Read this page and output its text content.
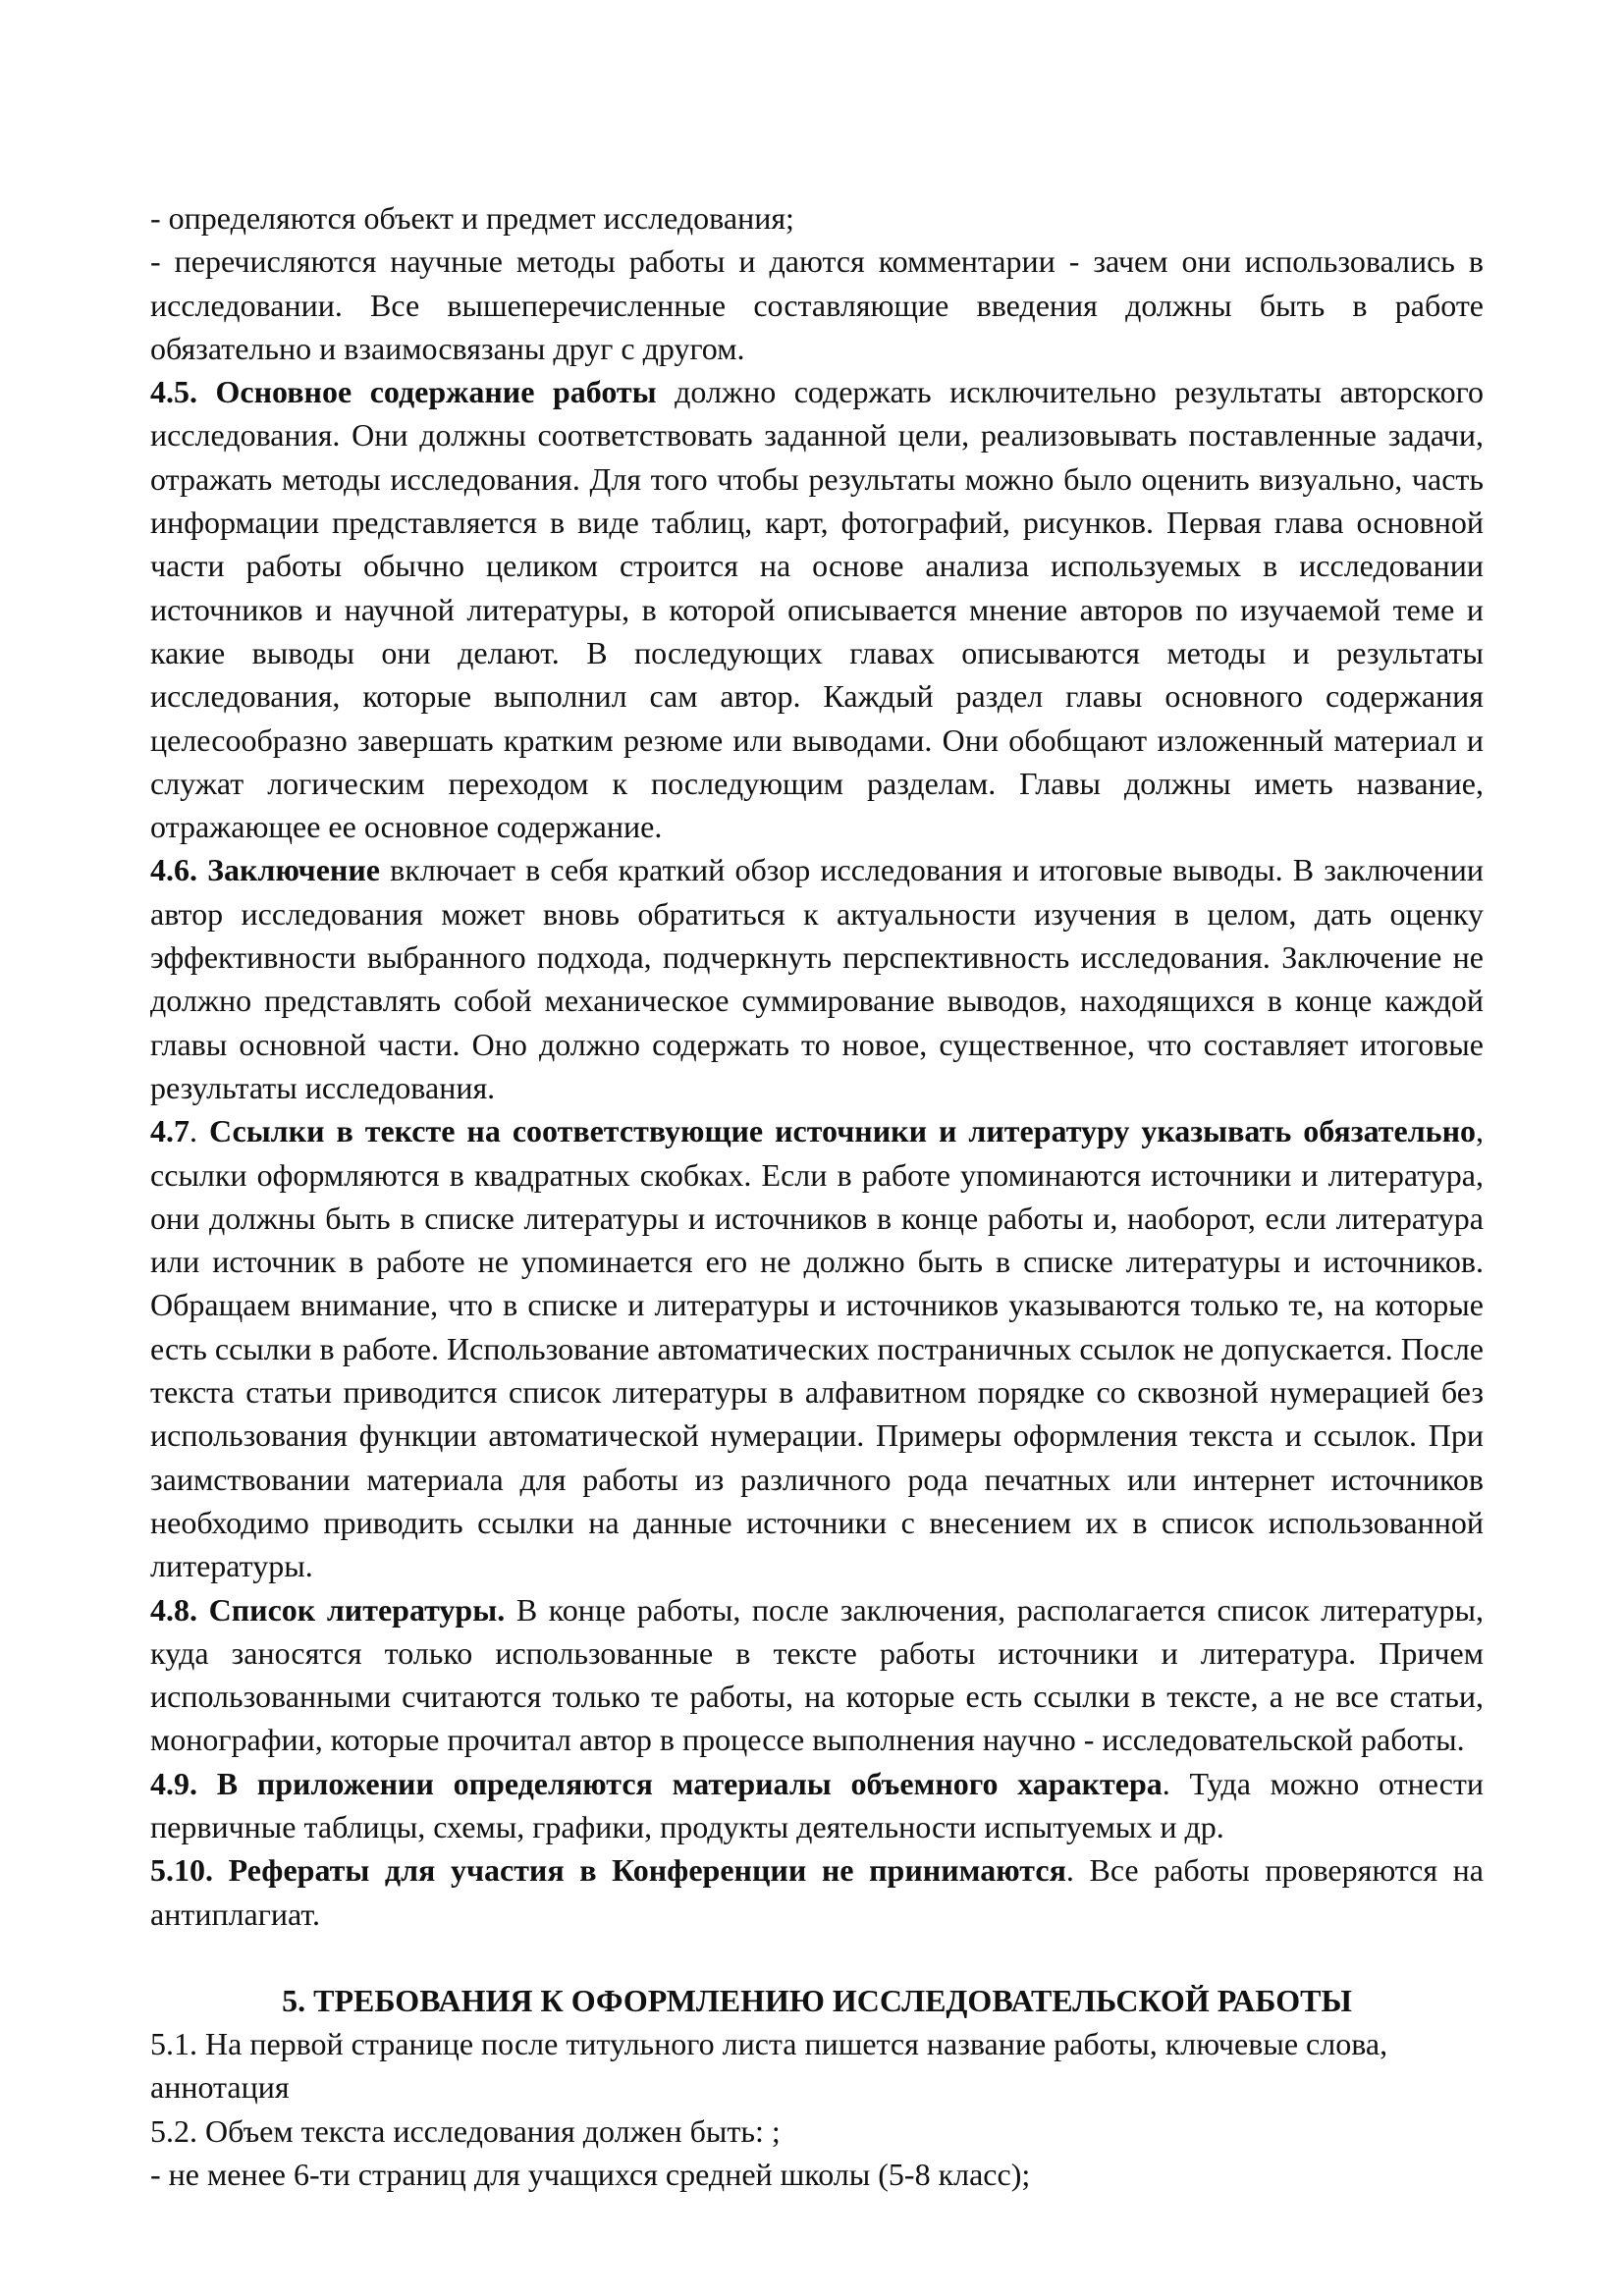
- определяются объект и предмет исследования;

- перечисляются научные методы работы и даются комментарии - зачем они использовались в исследовании. Все вышеперечисленные составляющие введения должны быть в работе обязательно и взаимосвязаны друг с другом.

4.5. Основное содержание работы должно содержать исключительно результаты авторского исследования. Они должны соответствовать заданной цели, реализовывать поставленные задачи, отражать методы исследования. Для того чтобы результаты можно было оценить визуально, часть информации представляется в виде таблиц, карт, фотографий, рисунков. Первая глава основной части работы обычно целиком строится на основе анализа используемых в исследовании источников и научной литературы, в которой описывается мнение авторов по изучаемой теме и какие выводы они делают. В последующих главах описываются методы и результаты исследования, которые выполнил сам автор. Каждый раздел главы основного содержания целесообразно завершать кратким резюме или выводами. Они обобщают изложенный материал и служат логическим переходом к последующим разделам. Главы должны иметь название, отражающее ее основное содержание.

4.6. Заключение включает в себя краткий обзор исследования и итоговые выводы. В заключении автор исследования может вновь обратиться к актуальности изучения в целом, дать оценку эффективности выбранного подхода, подчеркнуть перспективность исследования. Заключение не должно представлять собой механическое суммирование выводов, находящихся в конце каждой главы основной части. Оно должно содержать то новое, существенное, что составляет итоговые результаты исследования.

4.7. Ссылки в тексте на соответствующие источники и литературу указывать обязательно, ссылки оформляются в квадратных скобках. Если в работе упоминаются источники и литература, они должны быть в списке литературы и источников в конце работы и, наоборот, если литература или источник в работе не упоминается его не должно быть в списке литературы и источников. Обращаем внимание, что в списке и литературы и источников указываются только те, на которые есть ссылки в работе. Использование автоматических постраничных ссылок не допускается. После текста статьи приводится список литературы в алфавитном порядке со сквозной нумерацией без использования функции автоматической нумерации. Примеры оформления текста и ссылок. При заимствовании материала для работы из различного рода печатных или интернет источников необходимо приводить ссылки на данные источники с внесением их в список использованной литературы.

4.8. Список литературы. В конце работы, после заключения, располагается список литературы, куда заносятся только использованные в тексте работы источники и литература. Причем использованными считаются только те работы, на которые есть ссылки в тексте, а не все статьи, монографии, которые прочитал автор в процессе выполнения научно - исследовательской работы.

4.9. В приложении определяются материалы объемного характера. Туда можно отнести первичные таблицы, схемы, графики, продукты деятельности испытуемых и др.

5.10. Рефераты для участия в Конференции не принимаются. Все работы проверяются на антиплагиат.

5. ТРЕБОВАНИЯ К ОФОРМЛЕНИЮ ИССЛЕДОВАТЕЛЬСКОЙ РАБОТЫ

5.1. На первой странице после титульного листа пишется название работы, ключевые слова, аннотация

5.2. Объем текста исследования должен быть: ;

- не менее 6-ти страниц для учащихся средней школы (5-8 класс);
